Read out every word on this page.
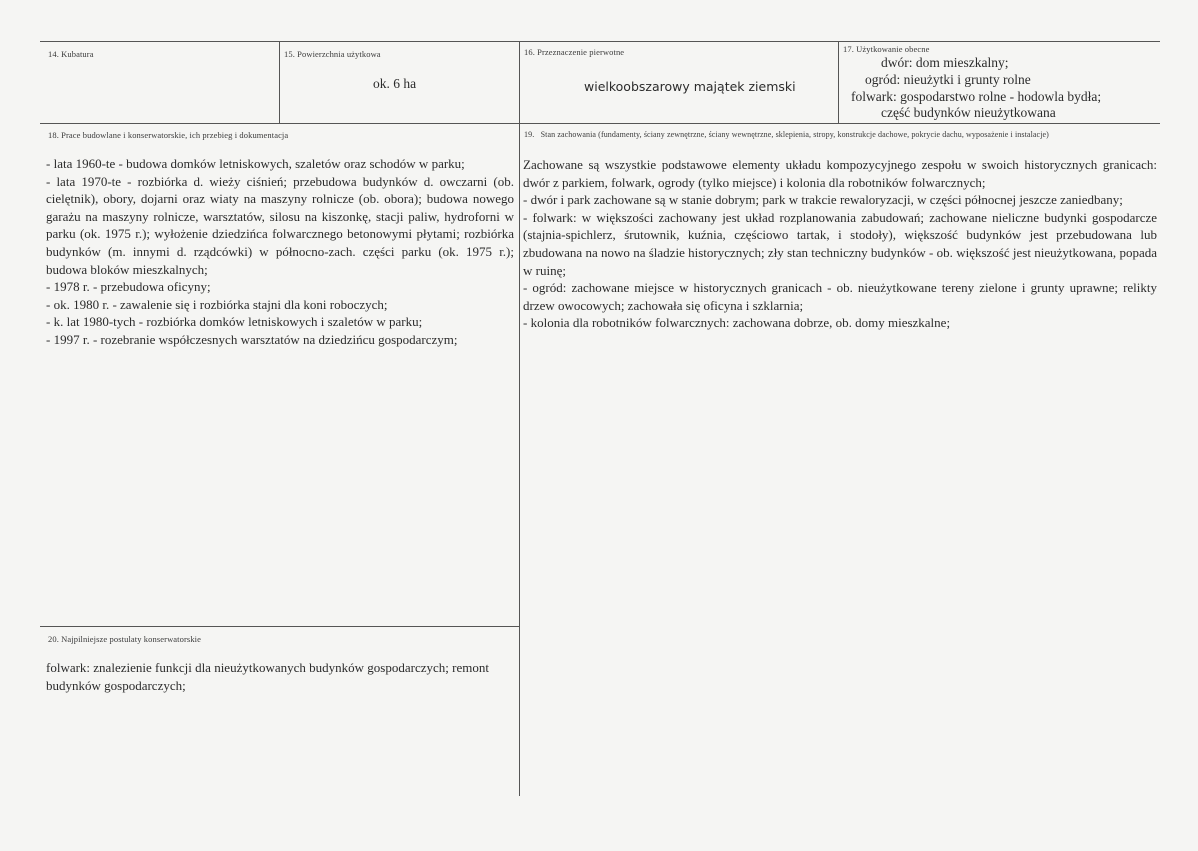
14. Kubatura	15. Powierzchnia użytkowa
ok. 6 ha
16. Przeznaczenie pierwotne
wielkoobszarowy majątek ziemski
17. Użytkowanie obecne
dwór: dom mieszkalny;
ogród: nieużytki i grunty rolne
folwark: gospodarstwo rolne - hodowla bydła;
część budynków nieużytkowana
18. Prace budowlane i konserwatorskie, ich przebieg i dokumentacja
- lata 1960-te - budowa domków letniskowych, szaletów oraz schodów w parku;
- lata 1970-te - rozbiórka d. wieży ciśnień; przebudowa budynków d. owczarni (ob. cielętnik), obory, dojarni oraz wiaty na maszyny rolnicze (ob. obora); budowa nowego garażu na maszyny rolnicze, warsztatów, silosu na kiszonkę, stacji paliw, hydroforni w parku (ok. 1975 r.); wyłożenie dziedzińca folwarcznego betonowymi płytami; rozbiórka budynków (m. innymi d. rządcówki) w północno-zach. części parku (ok. 1975 r.); budowa bloków mieszkalnych;
- 1978 r. - przebudowa oficyny;
- ok. 1980 r. - zawalenie się i rozbiórka stajni dla koni roboczych;
- k. lat 1980-tych - rozbiórka domków letniskowych i szaletów w parku;
- 1997 r. - rozebranie współczesnych warsztatów na dziedzińcu gospodarczym;
19.   Stan zachowania (fundamenty, ściany zewnętrzne, ściany wewnętrzne, sklepienia, stropy, konstrukcje dachowe, pokrycie dachu, wyposażenie i instalacje)
Zachowane są wszystkie podstawowe elementy układu kompozycyjnego zespołu w swoich historycznych granicach: dwór z parkiem, folwark, ogrody (tylko miejsce) i kolonia dla robotników folwarcznych;
- dwór i park zachowane są w stanie dobrym; park w trakcie rewaloryzacji, w części północnej jeszcze zaniedbany;
- folwark: w większości zachowany jest układ rozplanowania zabudowań; zachowane nieliczne budynki gospodarcze (stajnia-spichlerz, śrutownik, kuźnia, częściowo tartak, i stodoły), większość budynków jest przebudowana lub zbudowana na nowo na śladzie historycznych; zły stan techniczny budynków - ob. większość jest nieużytkowana, popada w ruinę;
- ogród: zachowane miejsce w historycznych granicach - ob. nieużytkowane tereny zielone i grunty uprawne; relikty drzew owocowych; zachowała się oficyna i szklarnia;
- kolonia dla robotników folwarcznych: zachowana dobrze, ob. domy mieszkalne;
20. Najpilniejsze postulaty konserwatorskie
folwark: znalezienie funkcji dla nieużytkowanych budynków gospodarczych; remont budynków gospodarczych;
